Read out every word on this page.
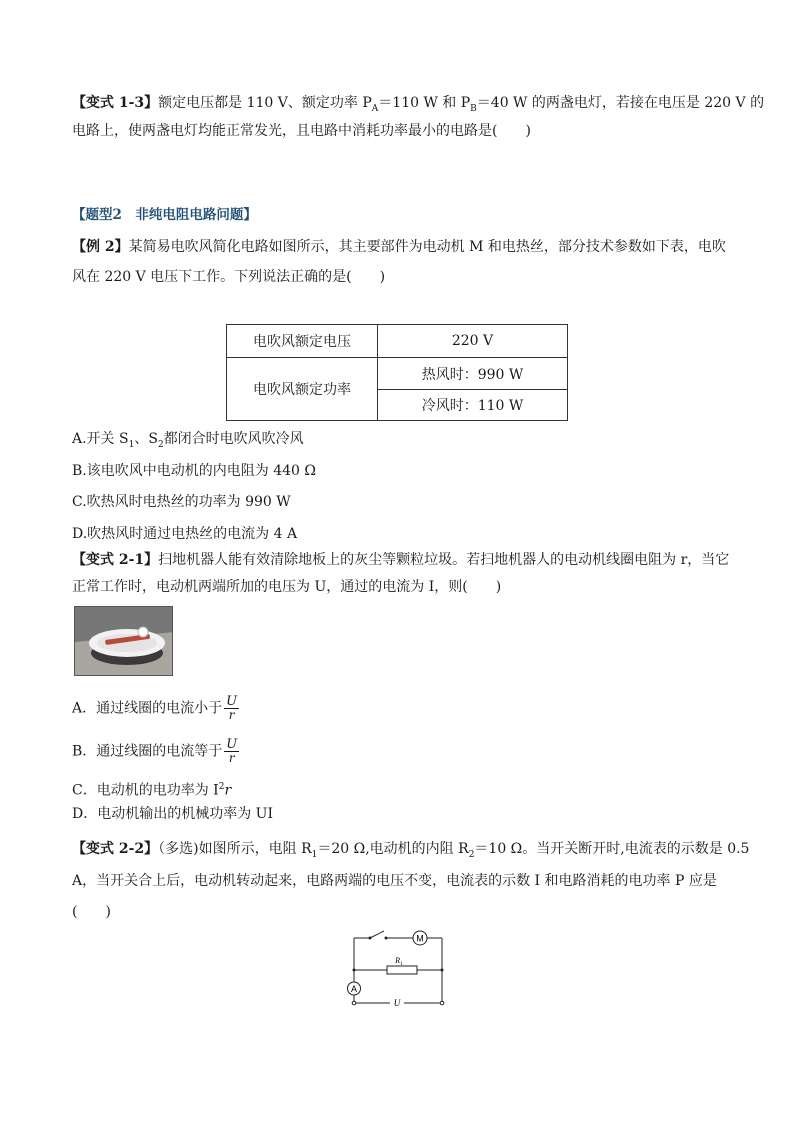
【变式 1-3】额定电压都是 110 V、额定功率 $P_A=110$ W 和 $P_B=40$ W 的两盏电灯，若接在电压是 220 V 的
电路上，使两盏电灯均能正常发光，且电路中消耗功率最小的电路是(　　)
【题型2　非纯电阻电路问题】
【例 2】某简易电吹风简化电路如图所示，其主要部件为电动机 M 和电热丝，部分技术参数如下表，电吹
风在 220 V 电压下工作。下列说法正确的是(　　)
电吹风额定电压	220 V
电吹风额定功率
热风时：990 W
冷风时：110 W
A.开关 $S_1$、$S_2$都闭合时电吹风吹冷风
B.该电吹风中电动机的内电阻为 440 Ω
C.吹热风时电热丝的功率为 990 W
D.吹热风时通过电热丝的电流为 4 A
【变式 2-1】扫地机器人能有效清除地板上的灰尘等颗粒垃圾。若扫地机器人的电动机线圈电阻为 r，当它
正常工作时，电动机两端所加的电压为 U，通过的电流为 I，则(　　)
A．通过线圈的电流小于 $\frac{U}{r}$
B．通过线圈的电流等于 $\frac{U}{r}$
C．电动机的电功率为 $I^2r$
D．电动机输出的机械功率为 UI
【变式 2-2】（多选)如图所示，电阻 $R_1=20$ Ω,电动机的内阻 $R_2=10$ Ω。当开关断开时,电流表的示数是 0.5
A，当开关合上后，电动机转动起来，电路两端的电压不变，电流表的示数 I 和电路消耗的电功率 P 应是
(　　)
M
A
$R_1$
U
